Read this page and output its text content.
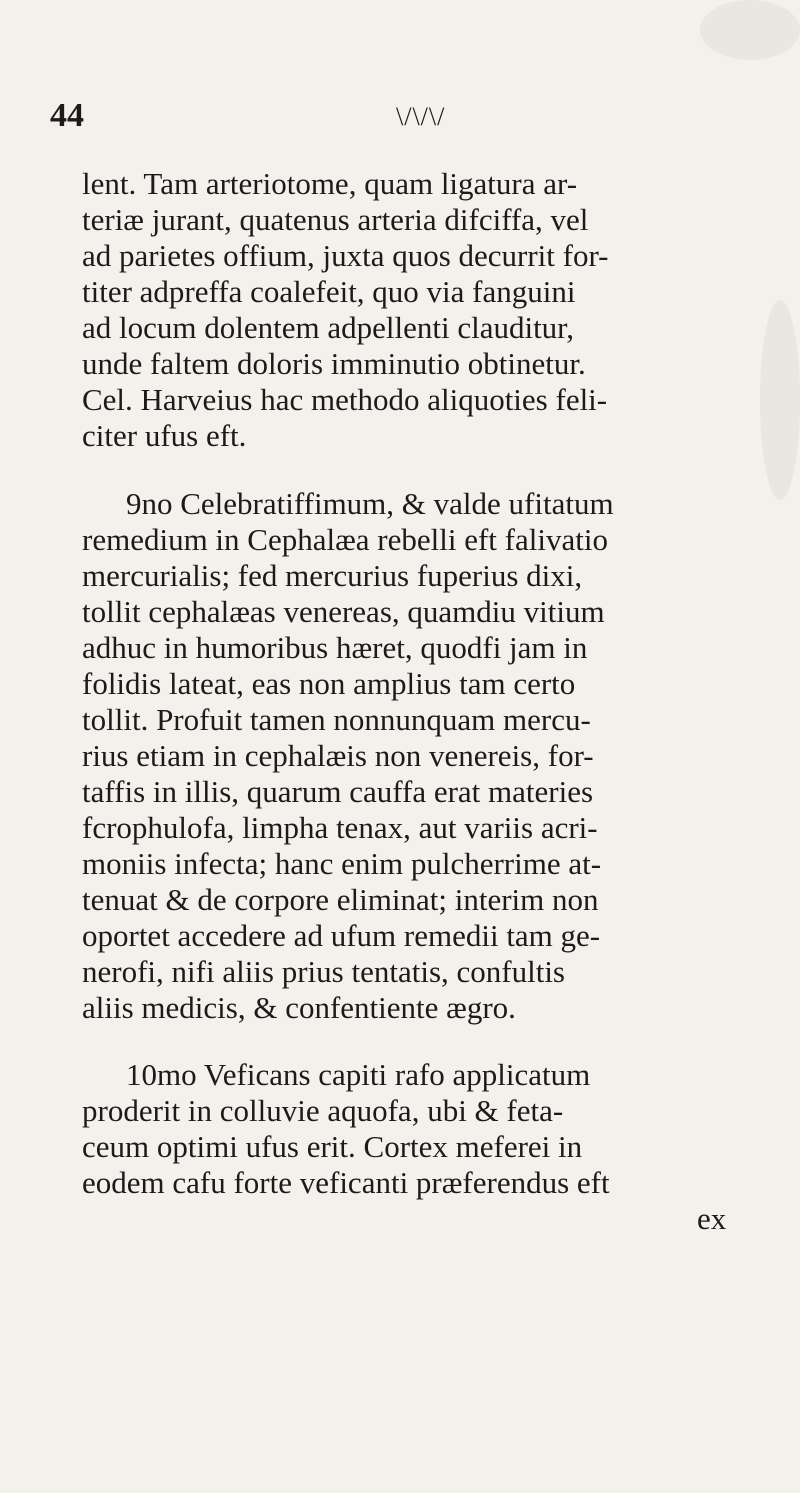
44	\/\/\/
lent. Tam arteriotome, quam ligatura ar-
teriæ jurant, quatenus arteria difciffa, vel
ad parietes offium, juxta quos decurrit for-
titer adpreffa coalefeit, quo via fanguini
ad locum dolentem adpellenti clauditur,
unde faltem doloris imminutio obtinetur.
Cel. Harveius hac methodo aliquoties feli-
citer ufus eft.
9no Celebratiffimum, & valde ufitatum
remedium in Cephalæa rebelli eft falivatio
mercurialis; fed mercurius fuperius dixi,
tollit cephalæas venereas, quamdiu vitium
adhuc in humoribus hæret, quodfi jam in
folidis lateat, eas non amplius tam certo
tollit. Profuit tamen nonnunquam mercu-
rius etiam in cephalæis non venereis, for-
taffis in illis, quarum cauffa erat materies
fcrophulofa, limpha tenax, aut variis acri-
moniis infecta; hanc enim pulcherrime at-
tenuat & de corpore eliminat; interim non
oportet accedere ad ufum remedii tam ge-
nerofi, nifi aliis prius tentatis, confultis
aliis medicis, & confentiente ægro.
10mo Veficans capiti rafo applicatum
proderit in colluvie aquofa, ubi & feta-
ceum optimi ufus erit. Cortex meferei in
eodem cafu forte veficanti præferendus eft
ex
